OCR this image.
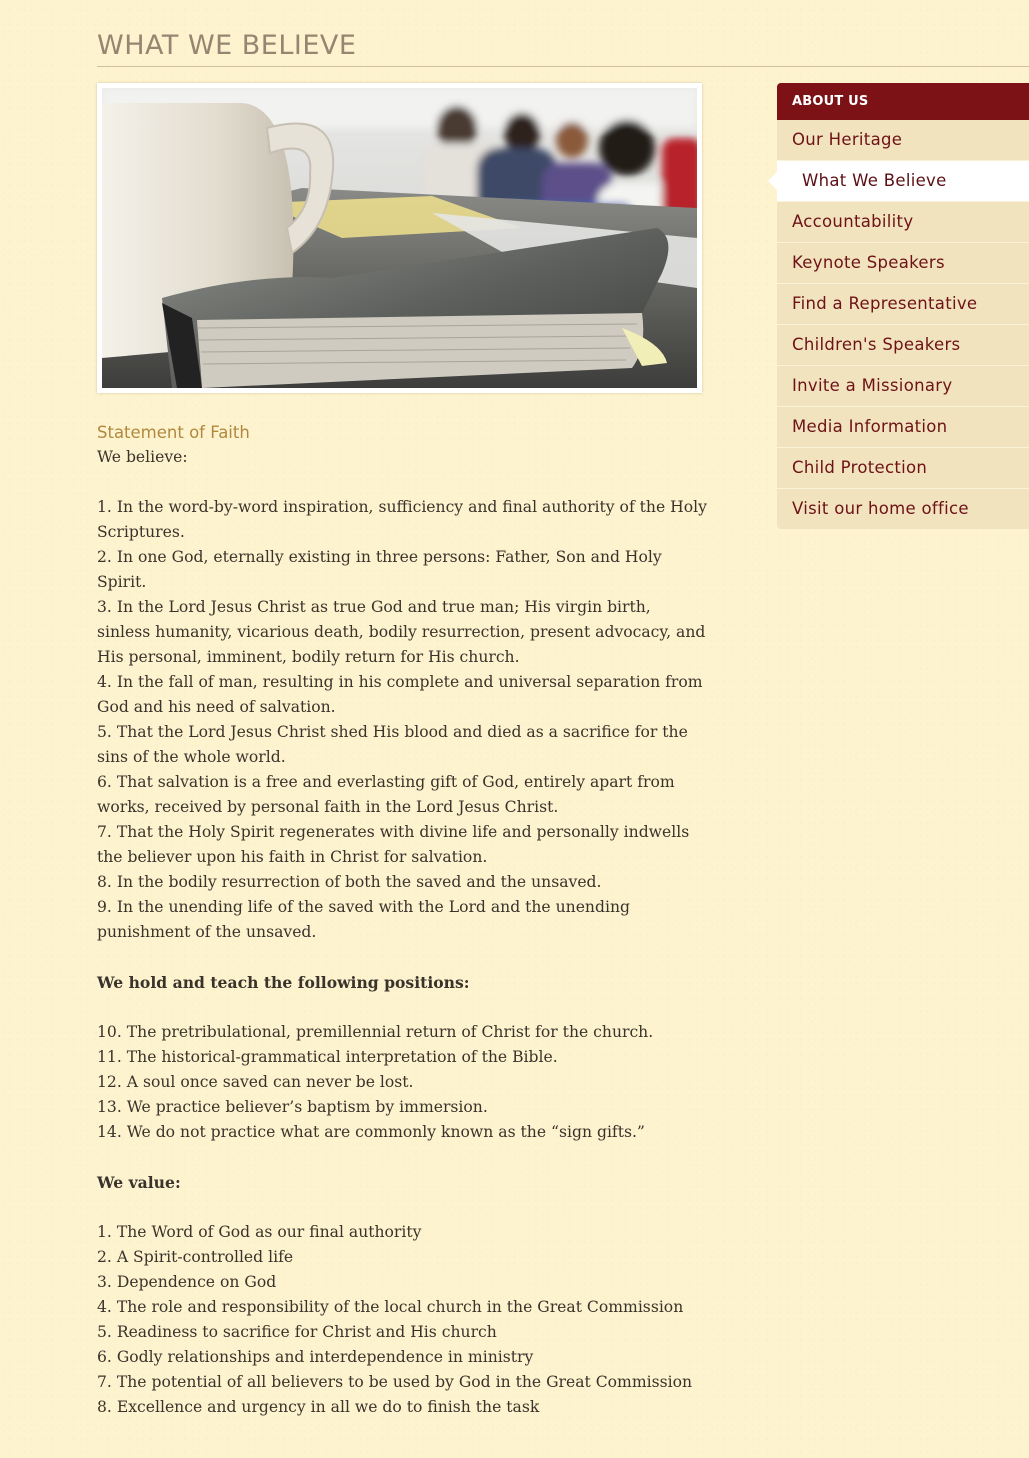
WHAT WE BELIEVE
Statement of Faith

We believe:

1. In the word-by-word inspiration, sufficiency and final authority of the Holy Scriptures.

2. In one God, eternally existing in three persons: Father, Son and Holy Spirit.

3. In the Lord Jesus Christ as true God and true man; His virgin birth, sinless humanity, vicarious death, bodily resurrection, present advocacy, and His personal, imminent, bodily return for His church.

4. In the fall of man, resulting in his complete and universal separation from God and his need of salvation.

5. That the Lord Jesus Christ shed His blood and died as a sacrifice for the sins of the whole world.

6. That salvation is a free and everlasting gift of God, entirely apart from works, received by personal faith in the Lord Jesus Christ.

7. That the Holy Spirit regenerates with divine life and personally indwells the believer upon his faith in Christ for salvation.

8. In the bodily resurrection of both the saved and the unsaved.

9. In the unending life of the saved with the Lord and the unending punishment of the unsaved.

We hold and teach the following positions:

10. The pretribulational, premillennial return of Christ for the church.

11. The historical-grammatical interpretation of the Bible.

12. A soul once saved can never be lost.

13. We practice believer’s baptism by immersion.

14. We do not practice what are commonly known as the “sign gifts.”

We value:

1. The Word of God as our final authority

2. A Spirit-controlled life

3. Dependence on God

4. The role and responsibility of the local church in the Great Commission

5. Readiness to sacrifice for Christ and His church

6. Godly relationships and interdependence in ministry

7. The potential of all believers to be used by God in the Great Commission

8. Excellence and urgency in all we do to finish the task

ABOUT US
Our Heritage
What We Believe
Accountability
Keynote Speakers
Find a Representative
Children's Speakers
Invite a Missionary
Media Information
Child Protection
Visit our home office
